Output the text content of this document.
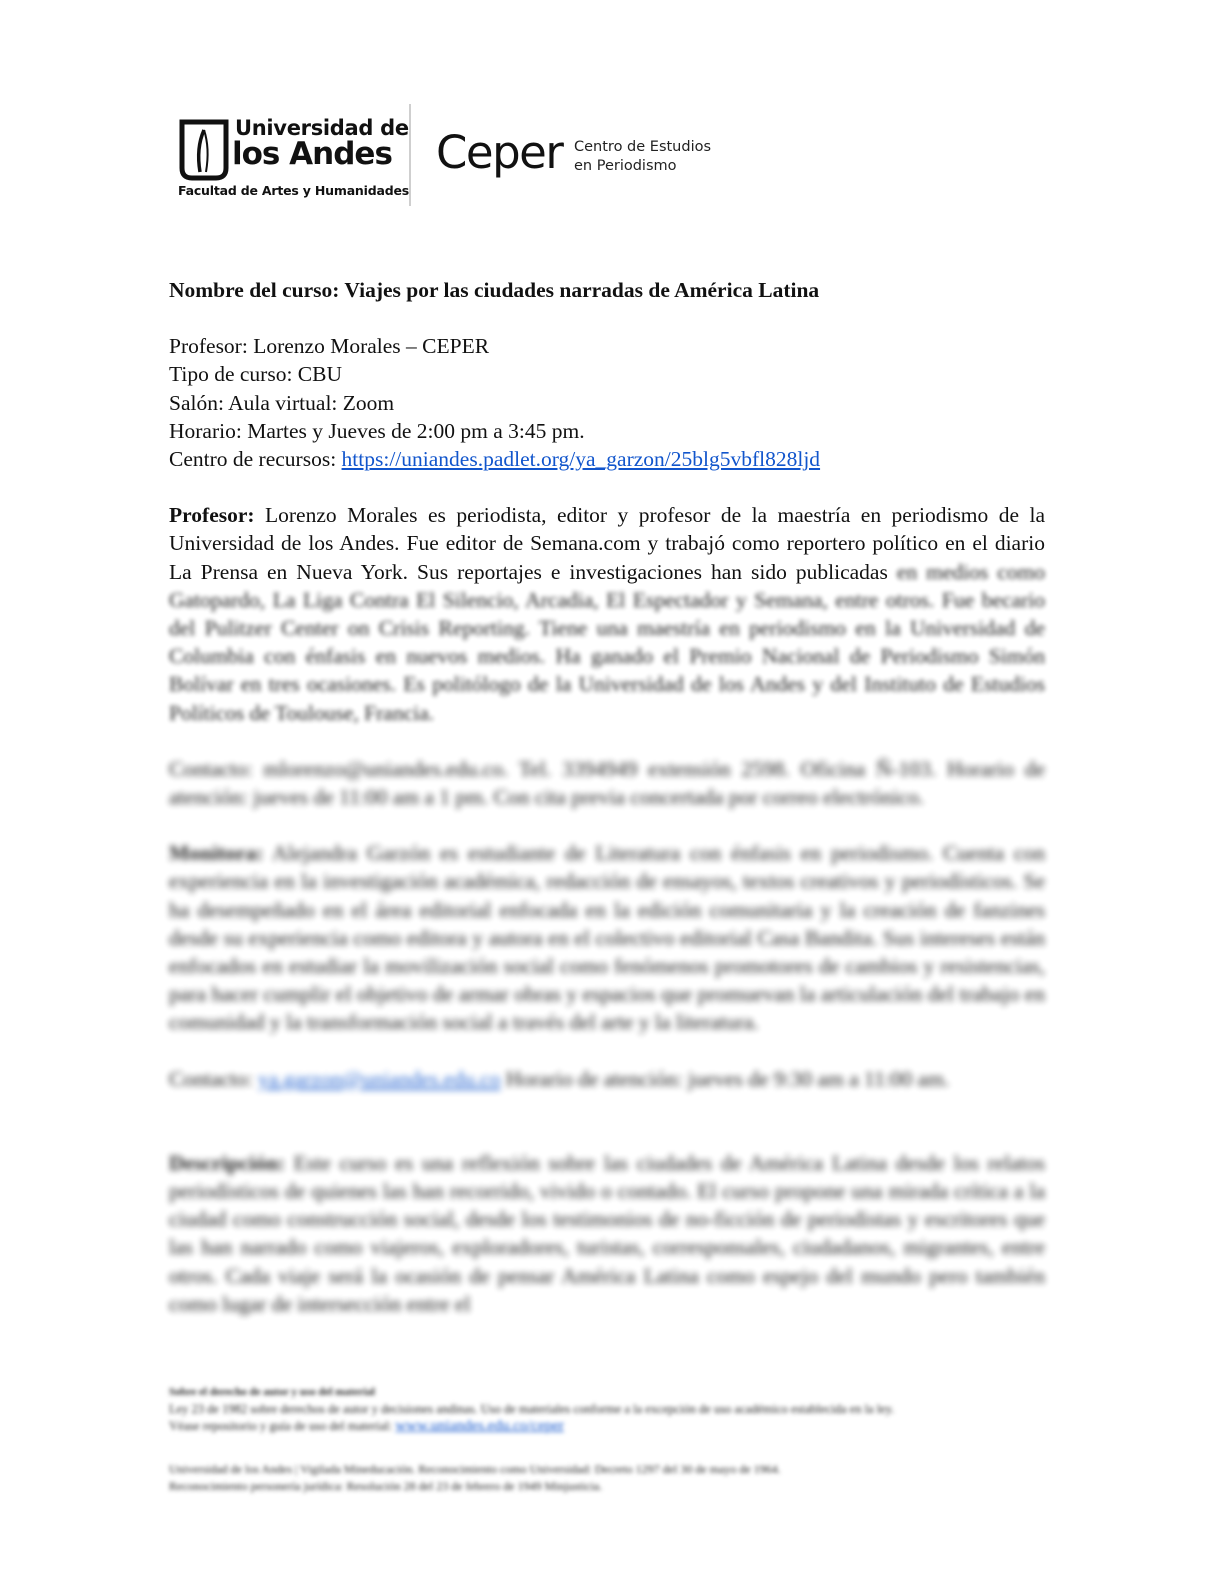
Universidad de
los Andes
Facultad de Artes y Humanidades
Ceper Centro de Estudios
en Periodismo

Nombre del curso: Viajes por las ciudades narradas de América Latina

Profesor: Lorenzo Morales – CEPER
Tipo de curso: CBU
Salón: Aula virtual: Zoom
Horario: Martes y Jueves de 2:00 pm a 3:45 pm.
Centro de recursos: https://uniandes.padlet.org/ya_garzon/25blg5vbfl828ljd
Profesor: Lorenzo Morales es periodista, editor y profesor de la maestría en periodismo de la Universidad de los Andes. Fue editor de Semana.com y trabajó como reportero político en el diario La Prensa en Nueva York. Sus reportajes e investigaciones han sido publicadas en medios como Gatopardo, La Liga Contra El Silencio, Arcadia, El Espectador y Semana, entre otros. Fue becario del Pulitzer Center on Crisis Reporting. Tiene una maestría en periodismo en la Universidad de Columbia con énfasis en nuevos medios. Ha ganado el Premio Nacional de Periodismo Simón Bolívar en tres ocasiones. Es politólogo de la Universidad de los Andes y del Instituto de Estudios Políticos de Toulouse, Francia.
Contacto: mlorenzo@uniandes.edu.co. Tel. 3394949 extensión 2598. Oficina Ñ-103. Horario de atención: jueves de 11:00 am a 1 pm. Con cita previa concertada por correo electrónico.
Monitora: Alejandra Garzón es estudiante de Literatura con énfasis en periodismo. Cuenta con experiencia en la investigación académica, redacción de ensayos, textos creativos y periodísticos. Se ha desempeñado en el área editorial enfocada en la edición comunitaria y la creación de fanzines desde su experiencia como editora y autora en el colectivo editorial Casa Bandita. Sus intereses están enfocados en estudiar la movilización social como fenómenos promotores de cambios y resistencias, para hacer cumplir el objetivo de armar obras y espacios que promuevan la articulación del trabajo en comunidad y la transformación social a través del arte y la literatura.
Contacto: ya.garzon@uniandes.edu.co Horario de atención: jueves de 9:30 am a 11:00 am.
Descripción: Este curso es una reflexión sobre las ciudades de América Latina desde los relatos periodísticos de quienes las han recorrido, vivido o contado. El curso propone una mirada crítica a la ciudad como construcción social, desde los testimonios de no-ficción de periodistas y escritores que las han narrado como viajeros, exploradores, turistas, corresponsales, ciudadanos, migrantes, entre otros. Cada viaje será la ocasión de pensar América Latina como espejo del mundo pero también como lugar de intersección entre el
Sobre el derecho de autor y uso del material
Ley 23 de 1982 sobre derechos de autor y decisiones andinas. Uso de materiales conforme a la excepción de uso académico establecida en la ley.
Véase repositorio y guía de uso del material: www.uniandes.edu.co/ceper
Universidad de los Andes | Vigilada Mineducación. Reconocimiento como Universidad: Decreto 1297 del 30 de mayo de 1964.
Reconocimiento personería jurídica: Resolución 28 del 23 de febrero de 1949 Minjusticia.
